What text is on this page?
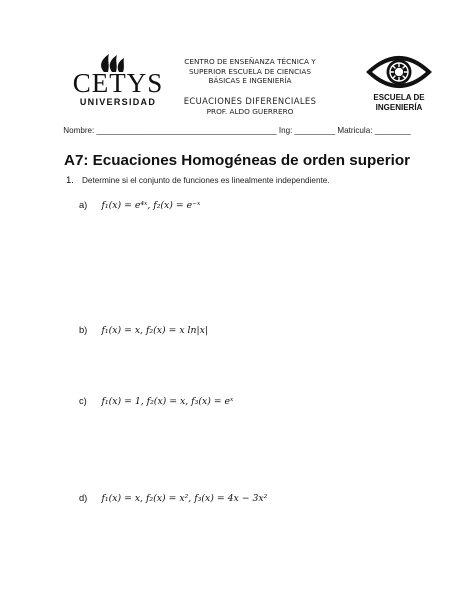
CETYS
UNIVERSIDAD
CENTRO DE ENSEÑANZA TÉCNICA Y
SUPERIOR ESCUELA DE CIENCIAS
BÁSICAS E INGENIERÍA
ECUACIONES DIFERENCIALES
PROF. ALDO GUERRERO
ESCUELA DE
INGENIERÍA
Nombre: ________________________________________ Ing: _________ Matricula: ________
A7: Ecuaciones Homogéneas de orden superior
1. Determine si el conjunto de funciones es linealmente independiente.
a) f₁(x) = e⁴ˣ, f₂(x) = e⁻ˣ
b) f₁(x) = x, f₂(x) = x ln|x|
c) f₁(x) = 1, f₂(x) = x, f₃(x) = eˣ
d) f₁(x) = x, f₂(x) = x², f₃(x) = 4x − 3x²
